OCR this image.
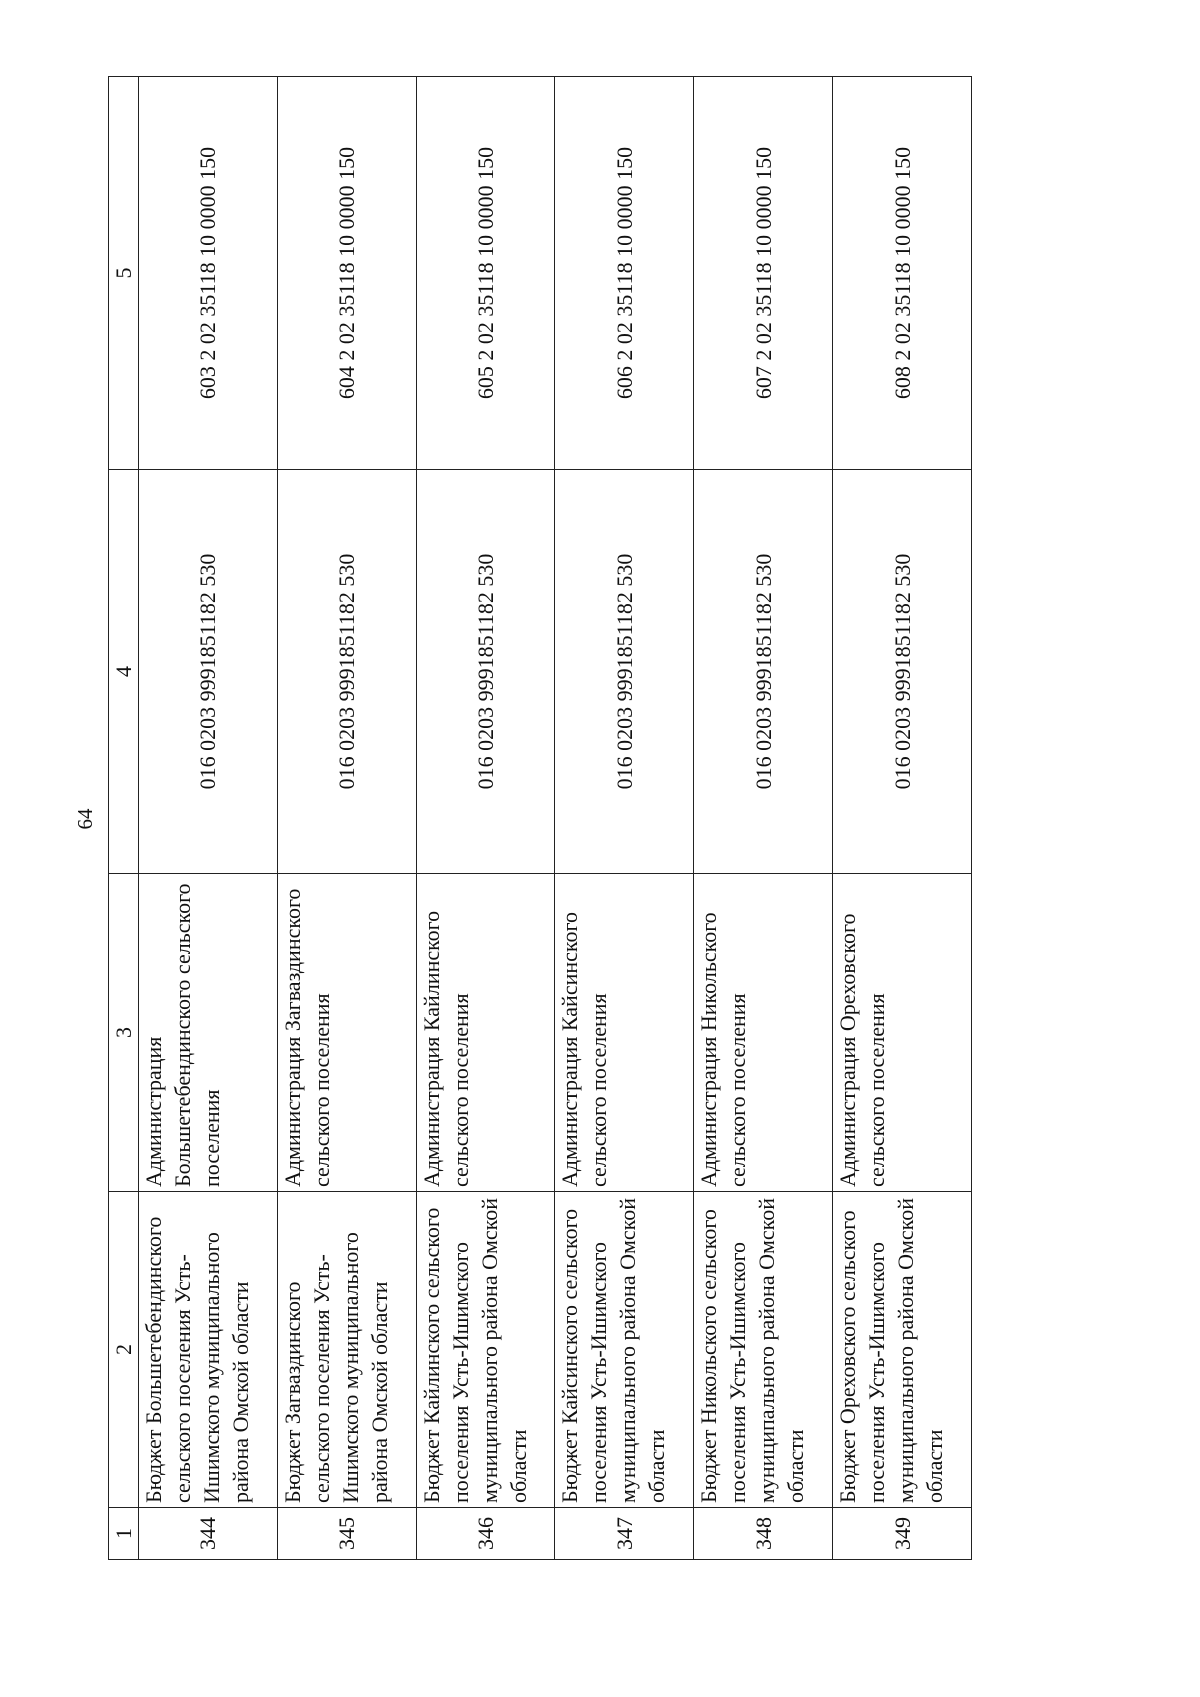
64
1	2	3	4	5
344	Бюджет Большетебендинского сельского поселения Усть-Ишимского муниципального района Омской области	Администрация Большетебендинского сельского поселения	016 0203 9991851182 530	603 2 02 35118 10 0000 150
345	Бюджет Загваздинского сельского поселения Усть-Ишимского муниципального района Омской области	Администрация Загваздинского сельского поселения	016 0203 9991851182 530	604 2 02 35118 10 0000 150
346	Бюджет Кайлинского сельского поселения Усть-Ишимского муниципального района Омской области	Администрация Кайлинского сельского поселения	016 0203 9991851182 530	605 2 02 35118 10 0000 150
347	Бюджет Кайсинского сельского поселения Усть-Ишимского муниципального района Омской области	Администрация Кайсинского сельского поселения	016 0203 9991851182 530	606 2 02 35118 10 0000 150
348	Бюджет Никольского сельского поселения Усть-Ишимского муниципального района Омской области	Администрация Никольского сельского поселения	016 0203 9991851182 530	607 2 02 35118 10 0000 150
349	Бюджет Ореховского сельского поселения Усть-Ишимского муниципального района Омской области	Администрация Ореховского сельского поселения	016 0203 9991851182 530	608 2 02 35118 10 0000 150
